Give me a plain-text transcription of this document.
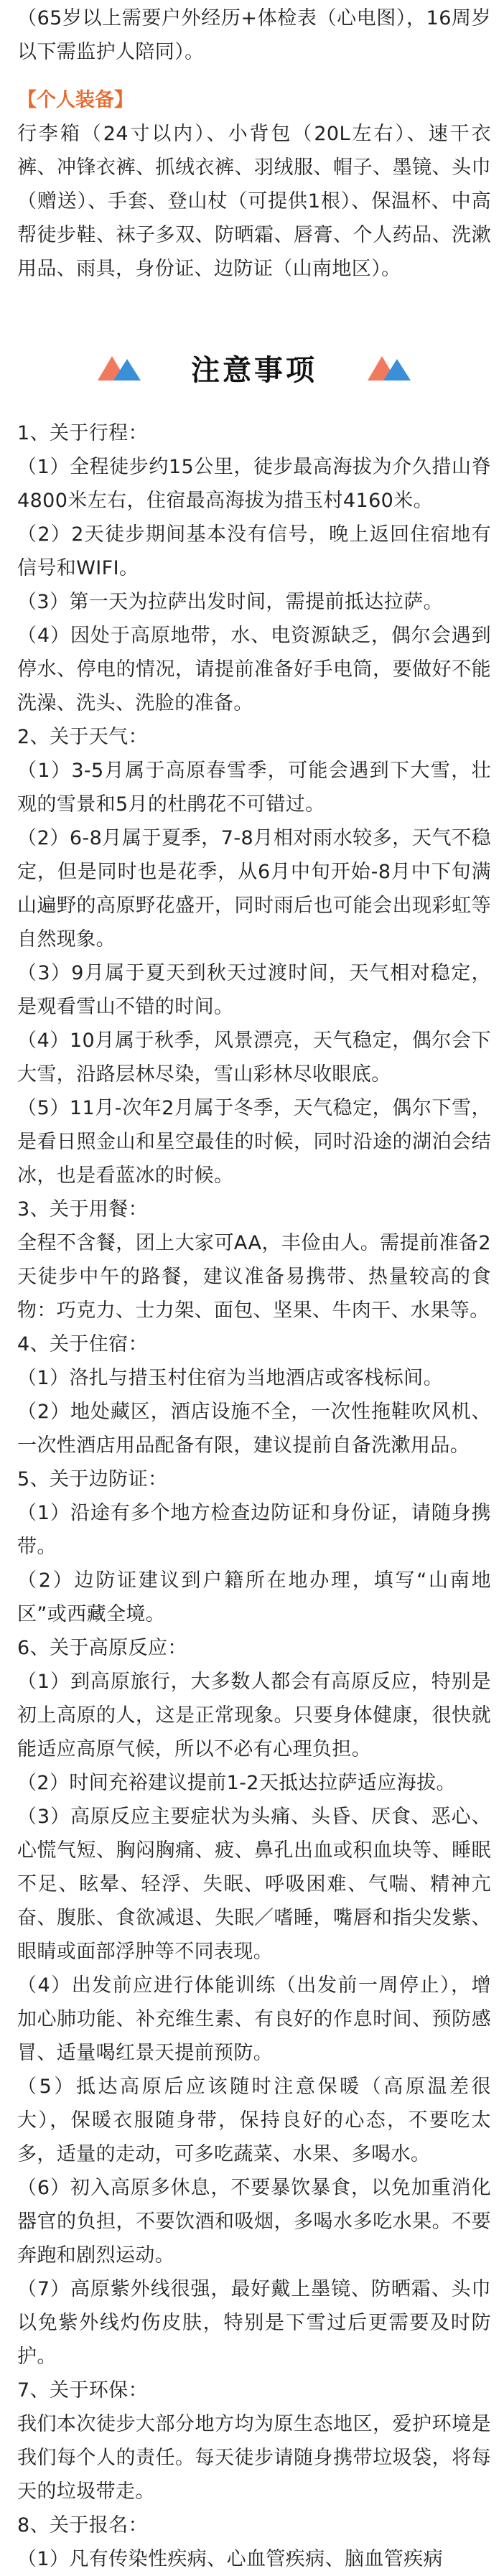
（65岁以上需要户外经历+体检表（心电图），16周岁以下需监护人陪同）。

【个人装备】

行李箱（24寸以内）、小背包（20L左右）、速干衣裤、冲锋衣裤、抓绒衣裤、羽绒服、帽子、墨镜、头巾（赠送）、手套、登山杖（可提供1根）、保温杯、中高帮徒步鞋、袜子多双、防晒霜、唇膏、个人药品、洗漱用品、雨具，身份证、边防证（山南地区）。

注意事项

1、关于行程：

（1）全程徒步约15公里，徒步最高海拔为介久措山脊4800米左右，住宿最高海拔为措玉村4160米。

（2）2天徒步期间基本没有信号，晚上返回住宿地有信号和WIFI。

（3）第一天为拉萨出发时间，需提前抵达拉萨。

（4）因处于高原地带，水、电资源缺乏，偶尔会遇到停水、停电的情况，请提前准备好手电筒，要做好不能洗澡、洗头、洗脸的准备。

2、关于天气：

（1）3-5月属于高原春雪季，可能会遇到下大雪，壮观的雪景和5月的杜鹃花不可错过。

（2）6-8月属于夏季，7-8月相对雨水较多，天气不稳定，但是同时也是花季，从6月中旬开始-8月中下旬满山遍野的高原野花盛开，同时雨后也可能会出现彩虹等自然现象。

（3）9月属于夏天到秋天过渡时间，天气相对稳定，是观看雪山不错的时间。

（4）10月属于秋季，风景漂亮，天气稳定，偶尔会下大雪，沿路层林尽染，雪山彩林尽收眼底。

（5）11月-次年2月属于冬季，天气稳定，偶尔下雪，是看日照金山和星空最佳的时候，同时沿途的湖泊会结冰，也是看蓝冰的时候。

3、关于用餐：

全程不含餐，团上大家可AA，丰俭由人。需提前准备2天徒步中午的路餐，建议准备易携带、热量较高的食物：巧克力、士力架、面包、坚果、牛肉干、水果等。

4、关于住宿：

（1）洛扎与措玉村住宿为当地酒店或客栈标间。

（2）地处藏区，酒店设施不全，一次性拖鞋吹风机、一次性酒店用品配备有限，建议提前自备洗漱用品。

5、关于边防证：

（1）沿途有多个地方检查边防证和身份证，请随身携带。

（2）边防证建议到户籍所在地办理，填写“山南地区”或西藏全境。

6、关于高原反应：

（1）到高原旅行，大多数人都会有高原反应，特别是初上高原的人，这是正常现象。只要身体健康，很快就能适应高原气候，所以不必有心理负担。

（2）时间充裕建议提前1-2天抵达拉萨适应海拔。

（3）高原反应主要症状为头痛、头昏、厌食、恶心、心慌气短、胸闷胸痛、疲、鼻孔出血或积血块等、睡眠不足、眩晕、轻浮、失眠、呼吸困难、气喘、精神亢奋、腹胀、食欲减退、失眠／嗜睡，嘴唇和指尖发紫、眼睛或面部浮肿等不同表现。

（4）出发前应进行体能训练（出发前一周停止），增加心肺功能、补充维生素、有良好的作息时间、预防感冒、适量喝红景天提前预防。

（5）抵达高原后应该随时注意保暖（高原温差很大），保暖衣服随身带，保持良好的心态，不要吃太多，适量的走动，可多吃蔬菜、水果、多喝水。

（6）初入高原多休息，不要暴饮暴食，以免加重消化器官的负担，不要饮酒和吸烟，多喝水多吃水果。不要奔跑和剧烈运动。

（7）高原紫外线很强，最好戴上墨镜、防晒霜、头巾以免紫外线灼伤皮肤，特别是下雪过后更需要及时防护。

7、关于环保：

我们本次徒步大部分地方均为原生态地区，爱护环境是我们每个人的责任。每天徒步请随身携带垃圾袋，将每天的垃圾带走。

8、关于报名：

（1）凡有传染性疾病、心血管疾病、脑血管疾病
